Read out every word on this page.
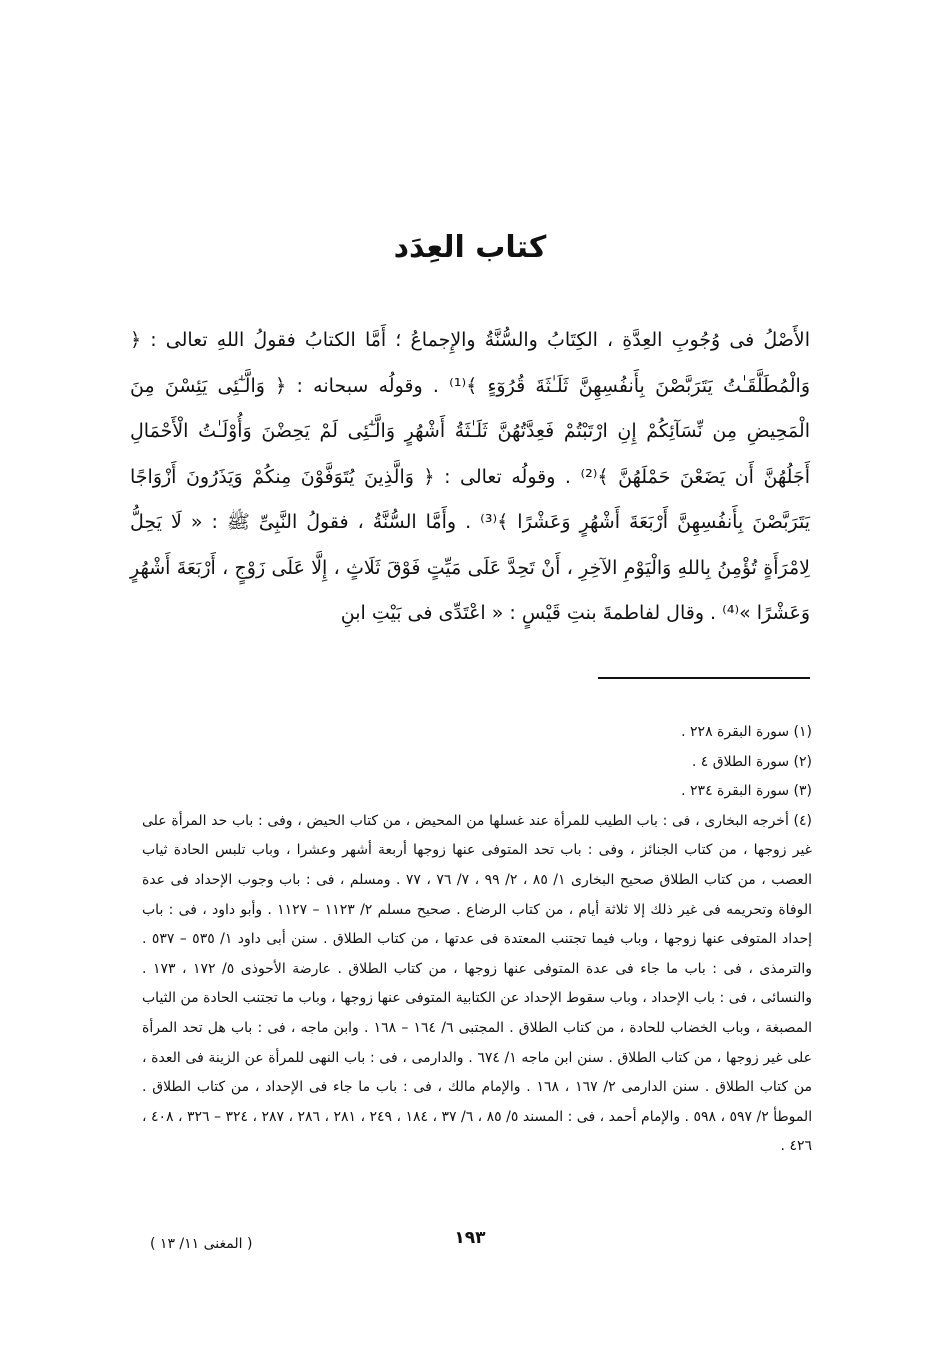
كتاب العِدَد

الأَصْلُ فى وُجُوبِ العِدَّةِ ، الكِتَابُ والسُّنَّةُ والإِجماعُ ؛ أَمَّا الكتابُ فقولُ اللهِ تعالى : ﴿ وَالْمُطَلَّقَـٰتُ يَتَرَبَّصْنَ بِأَنفُسِهِنَّ ثَلَـٰثَةَ قُرُوٓءٍ ﴾⁽¹⁾ . وقولُه سبحانه : ﴿ وَالَّـٰٓئِى يَئِسْنَ مِنَ الْمَحِيضِ مِن نِّسَآئِكُمْ إِنِ ارْتَبْتُمْ فَعِدَّتُهُنَّ ثَلَـٰثَةُ أَشْهُرٍ وَالَّـٰٓئِى لَمْ يَحِضْنَ وَأُوْلَـٰتُ الْأَحْمَالِ أَجَلُهُنَّ أَن يَضَعْنَ حَمْلَهُنَّ ﴾⁽²⁾ . وقولُه تعالى : ﴿ وَالَّذِينَ يُتَوَفَّوْنَ مِنكُمْ وَيَذَرُونَ أَزْوَاجًا يَتَرَبَّصْنَ بِأَنفُسِهِنَّ أَرْبَعَةَ أَشْهُرٍ وَعَشْرًا ﴾⁽³⁾ . وأَمَّا السُّنَّةُ ، فقولُ النَّبِىِّ ﷺ : « لَا يَحِلُّ لِامْرَأَةٍ تُؤْمِنُ بِاللهِ وَالْيَوْمِ الآخِرِ ، أَنْ تَحِدَّ عَلَى مَيِّتٍ فَوْقَ ثَلَاثٍ ، إِلَّا عَلَى زَوْجٍ ، أَرْبَعَةَ أَشْهُرٍ وَعَشْرًا »⁽⁴⁾ . وقال لفاطمةَ بنتِ قَيْسٍ : « اعْتَدِّى فى بَيْتِ ابنِ

(١) سورة البقرة ٢٢٨ .

(٢) سورة الطلاق ٤ .

(٣) سورة البقرة ٢٣٤ .

(٤) أخرجه البخارى ، فى : باب الطيب للمرأة عند غسلها من المحيض ، من كتاب الحيض ، وفى : باب حد المرأة على غير زوجها ، من كتاب الجنائز ، وفى : باب تحد المتوفى عنها زوجها أربعة أشهر وعشرا ، وباب تلبس الحادة ثياب العصب ، من كتاب الطلاق صحيح البخارى ١/ ٨٥ ، ٢/ ٩٩ ، ٧/ ٧٦ ، ٧٧ . ومسلم ، فى : باب وجوب الإحداد فى عدة الوفاة وتحريمه فى غير ذلك إلا ثلاثة أيام ، من كتاب الرضاع . صحيح مسلم ٢/ ١١٢٣ – ١١٢٧ . وأبو داود ، فى : باب إحداد المتوفى عنها زوجها ، وباب فيما تجتنب المعتدة فى عدتها ، من كتاب الطلاق . سنن أبى داود ١/ ٥٣٥ – ٥٣٧ . والترمذى ، فى : باب ما جاء فى عدة المتوفى عنها زوجها ، من كتاب الطلاق . عارضة الأحوذى ٥/ ١٧٢ ، ١٧٣ . والنسائى ، فى : باب الإحداد ، وباب سقوط الإحداد عن الكتابية المتوفى عنها زوجها ، وباب ما تجتنب الحادة من الثياب المصبغة ، وباب الخضاب للحادة ، من كتاب الطلاق . المجتبى ٦/ ١٦٤ – ١٦٨ . وابن ماجه ، فى : باب هل تحد المرأة على غير زوجها ، من كتاب الطلاق . سنن ابن ماجه ١/ ٦٧٤ . والدارمى ، فى : باب النهى للمرأة عن الزينة فى العدة ، من كتاب الطلاق . سنن الدارمى ٢/ ١٦٧ ، ١٦٨ . والإمام مالك ، فى : باب ما جاء فى الإحداد ، من كتاب الطلاق . الموطأ ٢/ ٥٩٧ ، ٥٩٨ . والإمام أحمد ، فى : المسند ٥/ ٨٥ ، ٦/ ٣٧ ، ١٨٤ ، ٢٤٩ ، ٢٨١ ، ٢٨٦ ، ٢٨٧ ، ٣٢٤ – ٣٢٦ ، ٤٠٨ ، ٤٢٦ .

١٩٣
( المغنى ١١/ ١٣ )
